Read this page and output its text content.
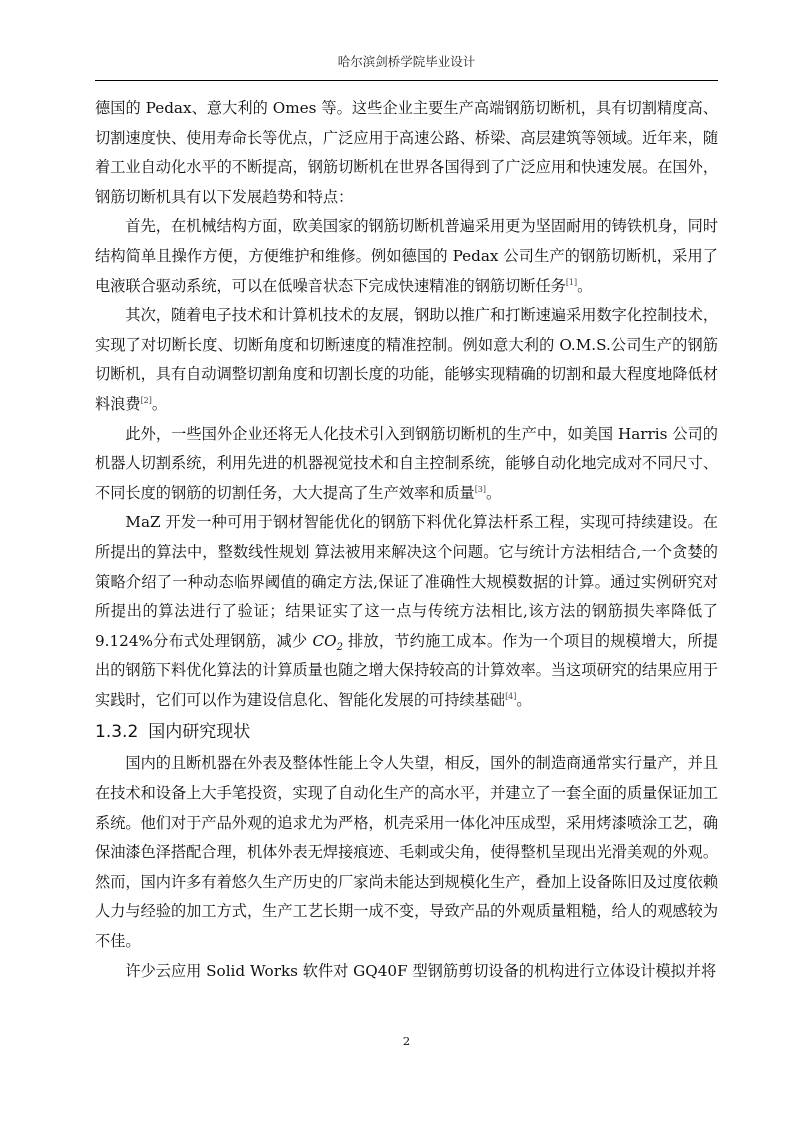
哈尔滨剑桥学院毕业设计

德国的 Pedax、意大利的 Omes 等。这些企业主要生产高端钢筋切断机，具有切割精度高、切割速度快、使用寿命长等优点，广泛应用于高速公路、桥梁、高层建筑等领域。近年来，随着工业自动化水平的不断提高，钢筋切断机在世界各国得到了广泛应用和快速发展。在国外，钢筋切断机具有以下发展趋势和特点：

首先，在机械结构方面，欧美国家的钢筋切断机普遍采用更为坚固耐用的铸铁机身，同时结构简单且操作方便，方便维护和维修。例如德国的 Pedax 公司生产的钢筋切断机，采用了电液联合驱动系统，可以在低噪音状态下完成快速精准的钢筋切断任务[1]。

其次，随着电子技术和计算机技术的友展，钢助以推广和打断速遍采用数字化控制技术，实现了对切断长度、切断角度和切断速度的精准控制。例如意大利的 O.M.S.公司生产的钢筋切断机，具有自动调整切割角度和切割长度的功能，能够实现精确的切割和最大程度地降低材料浪费[2]。

此外，一些国外企业还将无人化技术引入到钢筋切断机的生产中，如美国 Harris 公司的机器人切割系统，利用先进的机器视觉技术和自主控制系统，能够自动化地完成对不同尺寸、不同长度的钢筋的切割任务，大大提高了生产效率和质量[3]。

MaZ 开发一种可用于钢材智能优化的钢筋下料优化算法杆系工程，实现可持续建设。在所提出的算法中，整数线性规划 算法被用来解决这个问题。它与统计方法相结合,一个贪婪的策略介绍了一种动态临界阈值的确定方法,保证了准确性大规模数据的计算。通过实例研究对所提出的算法进行了验证；结果证实了这一点与传统方法相比,该方法的钢筋损失率降低了 9.124%分布式处理钢筋，减少 $CO_2$ 排放，节约施工成本。作为一个项目的规模增大，所提出的钢筋下料优化算法的计算质量也随之增大保持较高的计算效率。当这项研究的结果应用于实践时，它们可以作为建设信息化、智能化发展的可持续基础[4]。

1.3.2 国内研究现状

国内的且断机器在外表及整体性能上令人失望，相反，国外的制造商通常实行量产，并且在技术和设备上大手笔投资，实现了自动化生产的高水平，并建立了一套全面的质量保证加工系统。他们对于产品外观的追求尤为严格，机壳采用一体化冲压成型，采用烤漆喷涂工艺，确保油漆色泽搭配合理，机体外表无焊接痕迹、毛刺或尖角，使得整机呈现出光滑美观的外观。然而，国内许多有着悠久生产历史的厂家尚未能达到规模化生产，叠加上设备陈旧及过度依赖人力与经验的加工方式，生产工艺长期一成不变，导致产品的外观质量粗糙，给人的观感较为不佳。

许少云应用 Solid Works 软件对 GQ40F 型钢筋剪切设备的机构进行立体设计模拟并将

2
